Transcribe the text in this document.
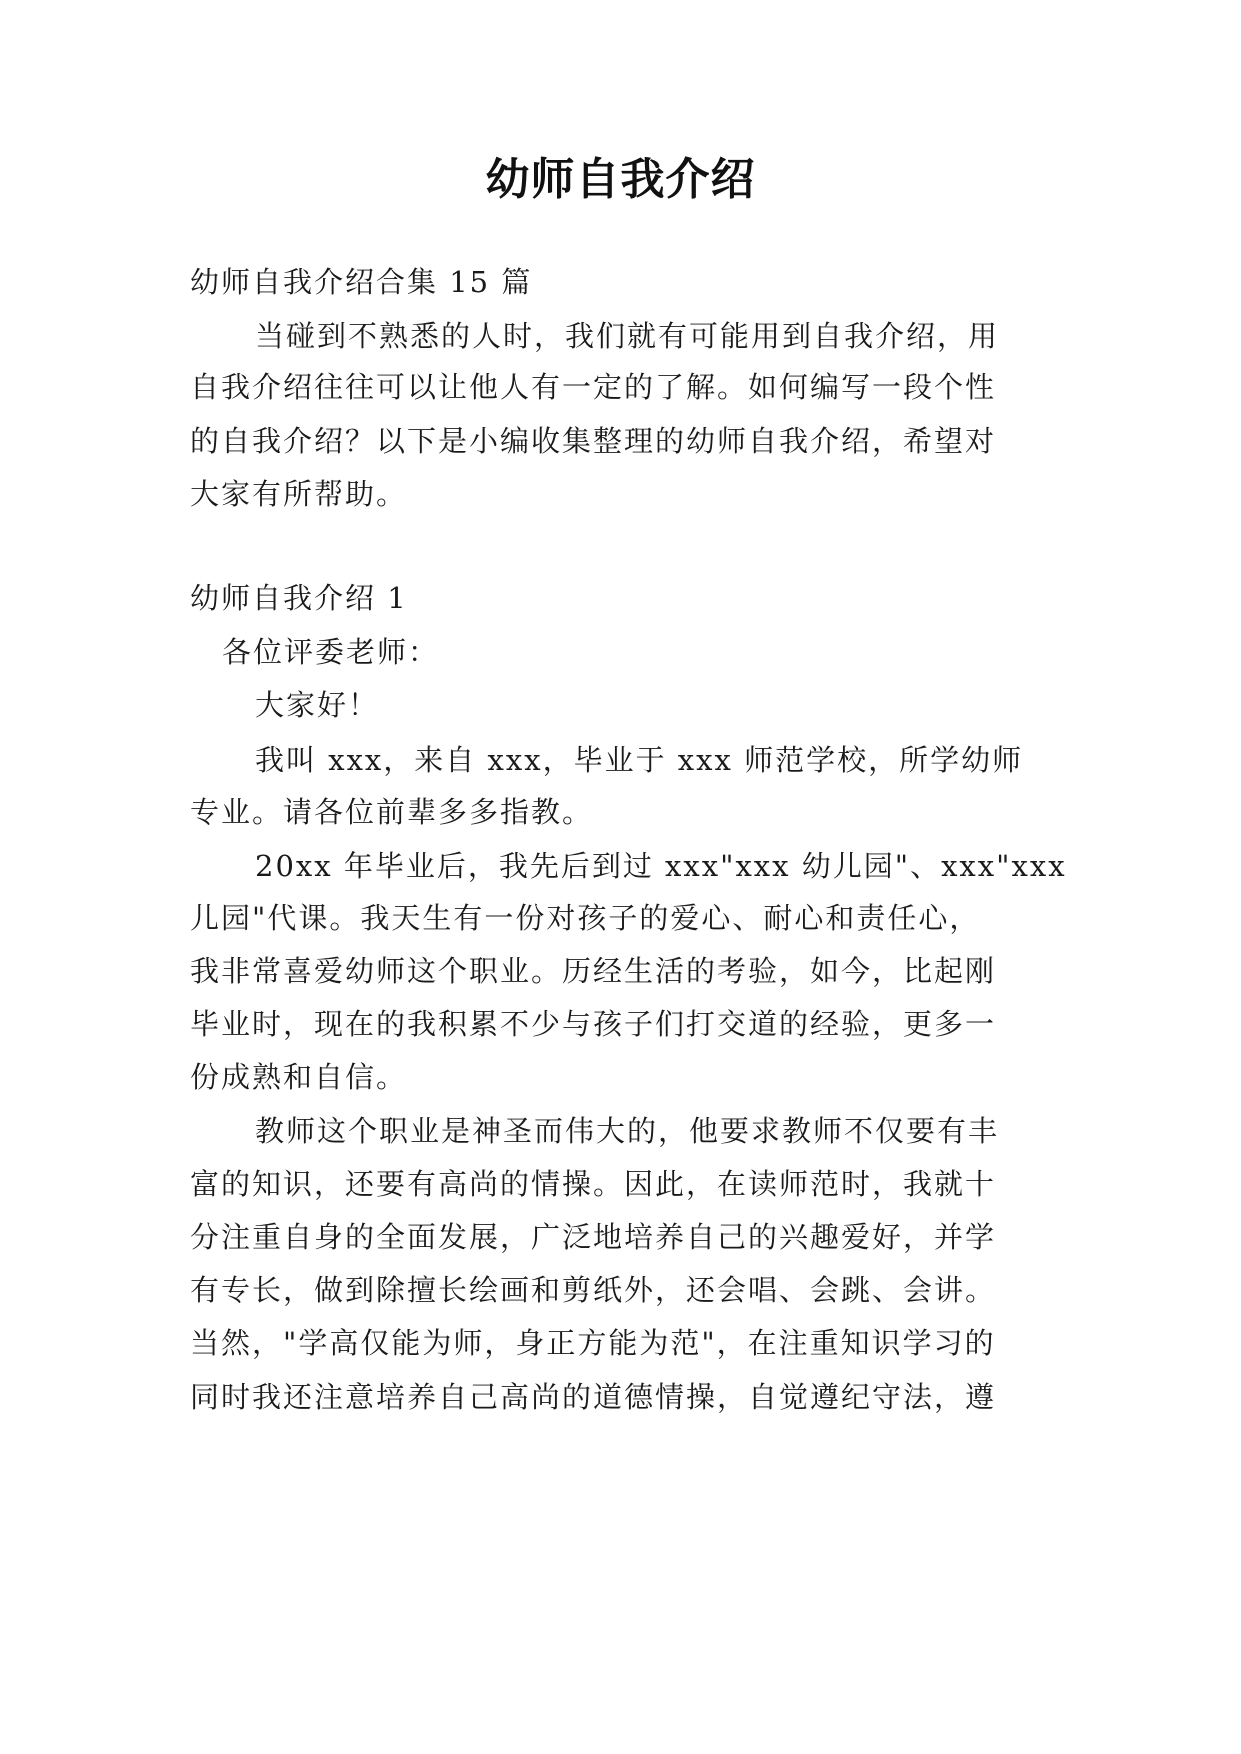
幼师自我介绍
幼师自我介绍合集 15 篇
当碰到不熟悉的人时，我们就有可能用到自我介绍，用
自我介绍往往可以让他人有一定的了解。如何编写一段个性
的自我介绍？以下是小编收集整理的幼师自我介绍，希望对
大家有所帮助。
幼师自我介绍 1
各位评委老师：
大家好！
我叫 xxx，来自 xxx，毕业于 xxx 师范学校，所学幼师
专业。请各位前辈多多指教。
20xx 年毕业后，我先后到过 xxx"xxx 幼儿园"、xxx"xxx
儿园"代课。我天生有一份对孩子的爱心、耐心和责任心，
我非常喜爱幼师这个职业。历经生活的考验，如今，比起刚
毕业时，现在的我积累不少与孩子们打交道的经验，更多一
份成熟和自信。
教师这个职业是神圣而伟大的，他要求教师不仅要有丰
富的知识，还要有高尚的情操。因此，在读师范时，我就十
分注重自身的全面发展，广泛地培养自己的兴趣爱好，并学
有专长，做到除擅长绘画和剪纸外，还会唱、会跳、会讲。
当然，"学高仅能为师，身正方能为范"，在注重知识学习的
同时我还注意培养自己高尚的道德情操，自觉遵纪守法，遵
